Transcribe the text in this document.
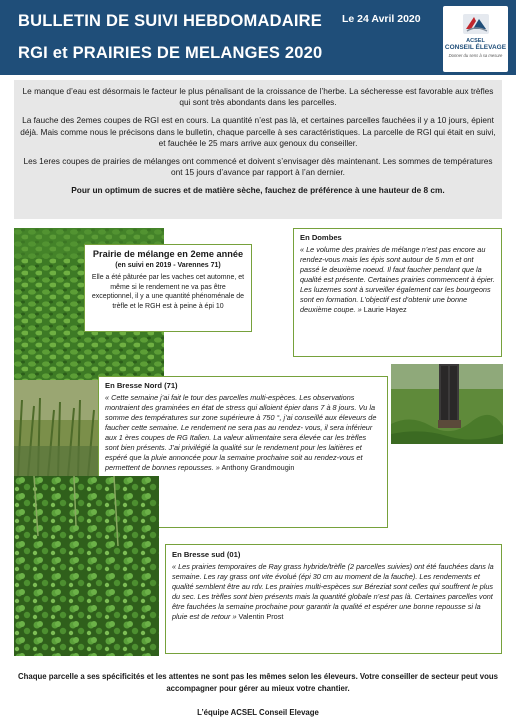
BULLETIN DE SUIVI HEBDOMADAIRE
RGI et PRAIRIES DE MELANGES 2020
Le 24 Avril 2020
ACSEL
CONSEIL ÉLEVAGE
Donner du sens à sa mesure

Le manque d’eau est désormais le facteur le plus pénalisant de la croissance de l’herbe. La sécheresse est favorable aux trèfles qui sont très abondants dans les parcelles.

La fauche des 2emes coupes de RGI est en cours. La quantité n’est pas là, et certaines parcelles fauchées il y a 10 jours, épient déjà. Mais comme nous le précisons dans le bulletin, chaque parcelle à ses caractéristiques. La parcelle de RGI qui était en suivi, et fauchée le 25 mars arrive aux genoux du conseiller.

Les 1eres coupes de prairies de mélanges ont commencé et doivent s’envisager dès maintenant. Les sommes de températures ont 15 jours d’avance par rapport à l’an dernier.

Pour un optimum de sucres et de matière sèche, fauchez de préférence à une hauteur de 8 cm.

Prairie de mélange en 2eme année
(en suivi en 2019 - Varennes 71)
Elle a été pâturée par les vaches cet automne, et même si le rendement ne va pas être exceptionnel, il y a une quantité phénoménale de trèfle et le RGH est à peine à épi 10
En Dombes
« Le volume des prairies de mélange n’est pas encore au rendez-vous mais les épis sont autour de 5 mm et ont passé le deuxième noeud. Il faut faucher pendant que la qualité est présente. Certaines prairies commencent à épier. Les luzernes sont à surveiller également car les bourgeons sont en formation. L’objectif est d’obtenir une bonne deuxième coupe. » Laurie Hayez
En Bresse Nord (71)
« Cette semaine j’ai fait le tour des parcelles multi-espèces. Les observations montraient des graminées en état de stress qui alloient épier dans 7 à 8 jours. Vu la somme des températures sur zone supérieure à 750 °, j’ai conseillé aux éleveurs de faucher cette semaine. Le rendement ne sera pas au rendez- vous, il sera inférieur aux 1 ères coupes de RG Italien. La valeur alimentaire sera élevée car les trèfles sont bien présents. J’ai privilégié la qualité sur le rendement pour les laitières et espéré que la pluie annoncée pour la semaine prochaine soit au rendez-vous et permettent de bonnes repousses. » Anthony Grandmougin
En Bresse sud (01)
« Les prairies temporaires de Ray grass hybride/trèfle (2 parcelles suivies) ont été fauchées dans la semaine. Les ray grass ont vite évolué (épi 30 cm au moment de la fauche). Les rendements et qualité semblent être au rdv. Les prairies multi-espèces sur Béreziat sont celles qui souffrent le plus du sec. Les trèfles sont bien présents mais la quantité globale n’est pas là. Certaines parcelles vont être fauchées la semaine prochaine pour garantir la qualité et espérer une bonne repousse si la pluie est de retour » Valentin Prost
Chaque parcelle a ses spécificités et les attentes ne sont pas les mêmes selon les éleveurs. Votre conseiller de secteur peut vous accompagner pour gérer au mieux votre chantier.
L’équipe ACSEL Conseil Elevage
